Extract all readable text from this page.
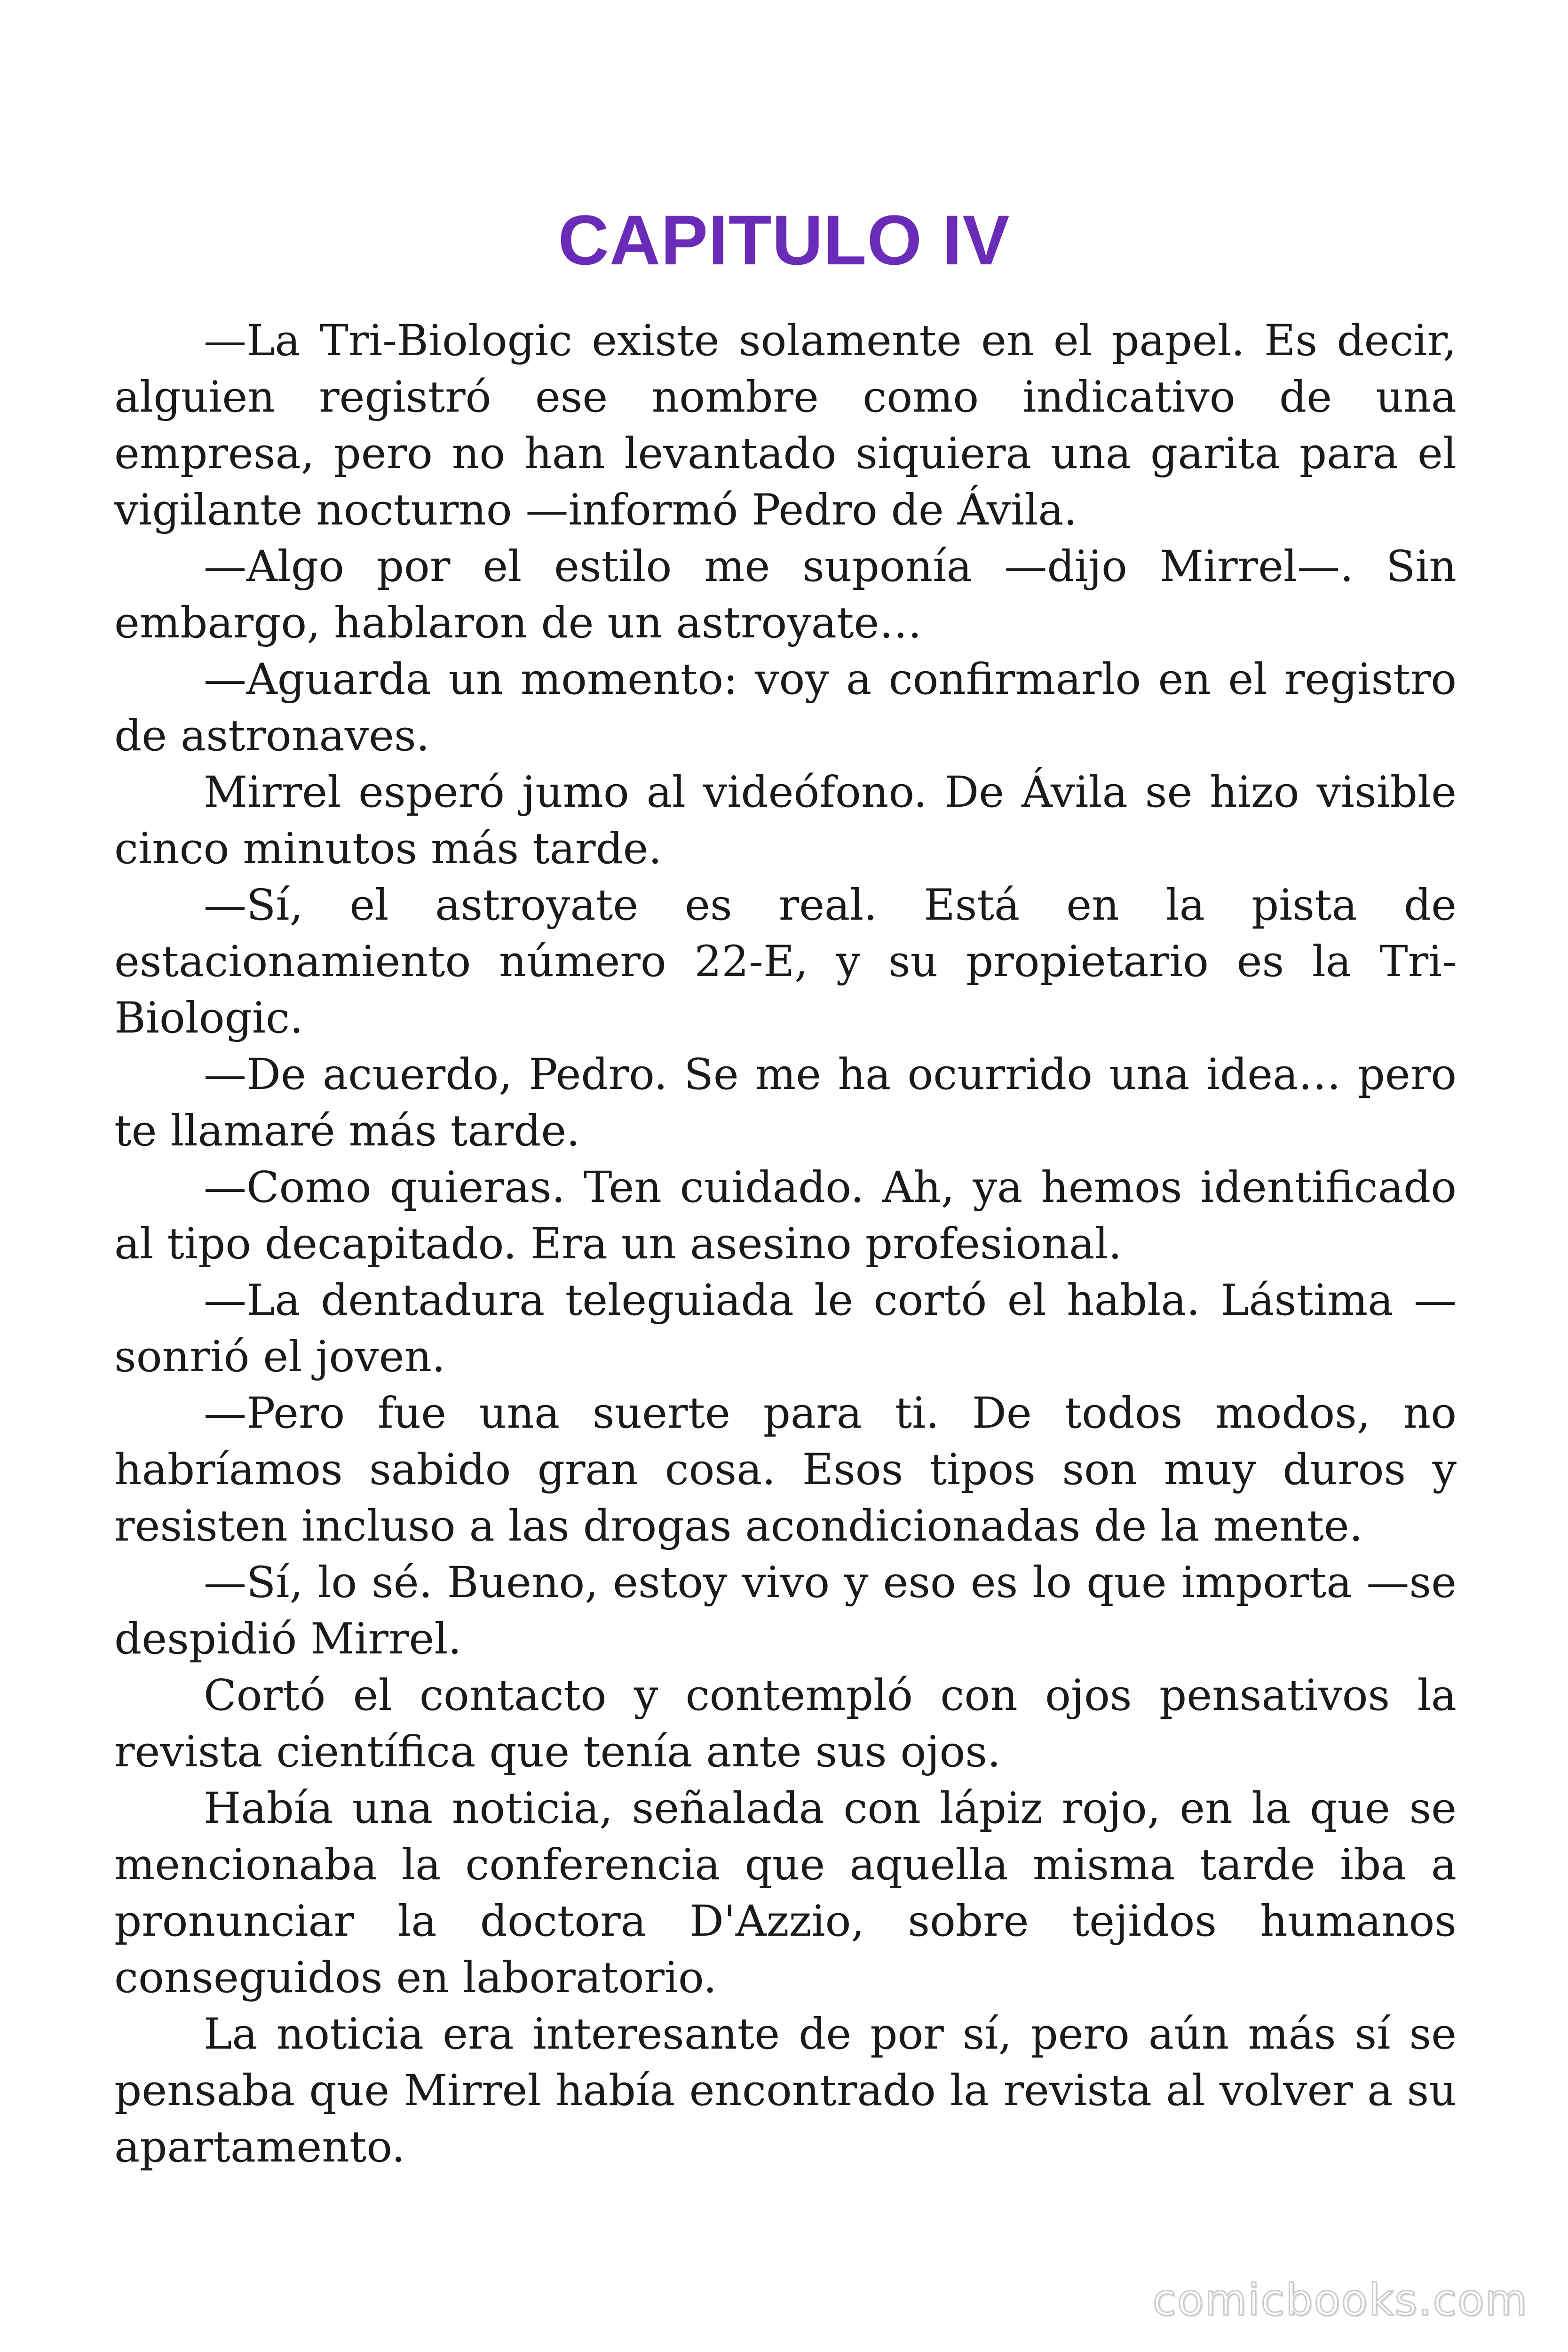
CAPITULO IV

—La Tri-Biologic existe solamente en el papel. Es decir, alguien registró ese nombre como indicativo de una empresa, pero no han levantado siquiera una garita para el vigilante nocturno —informó Pedro de Ávila.

—Algo por el estilo me suponía —dijo Mirrel—. Sin embargo, hablaron de un astroyate…

—Aguarda un momento: voy a confirmarlo en el registro de astronaves.

Mirrel esperó jumo al videófono. De Ávila se hizo visible cinco minutos más tarde.

—Sí, el astroyate es real. Está en la pista de estacionamiento número 22-E, y su propietario es la Tri-Biologic.

—De acuerdo, Pedro. Se me ha ocurrido una idea… pero te llamaré más tarde.

—Como quieras. Ten cuidado. Ah, ya hemos identificado al tipo decapitado. Era un asesino profesional.

—La dentadura teleguiada le cortó el habla. Lástima —sonrió el joven.

—Pero fue una suerte para ti. De todos modos, no habríamos sabido gran cosa. Esos tipos son muy duros y resisten incluso a las drogas acondicionadas de la mente.

—Sí, lo sé. Bueno, estoy vivo y eso es lo que importa —se despidió Mirrel.

Cortó el contacto y contempló con ojos pensativos la revista científica que tenía ante sus ojos.

Había una noticia, señalada con lápiz rojo, en la que se mencionaba la conferencia que aquella misma tarde iba a pronunciar la doctora D'Azzio, sobre tejidos humanos conseguidos en laboratorio.

La noticia era interesante de por sí, pero aún más sí se pensaba que Mirrel había encontrado la revista al volver a su apartamento.

comicbooks.com
